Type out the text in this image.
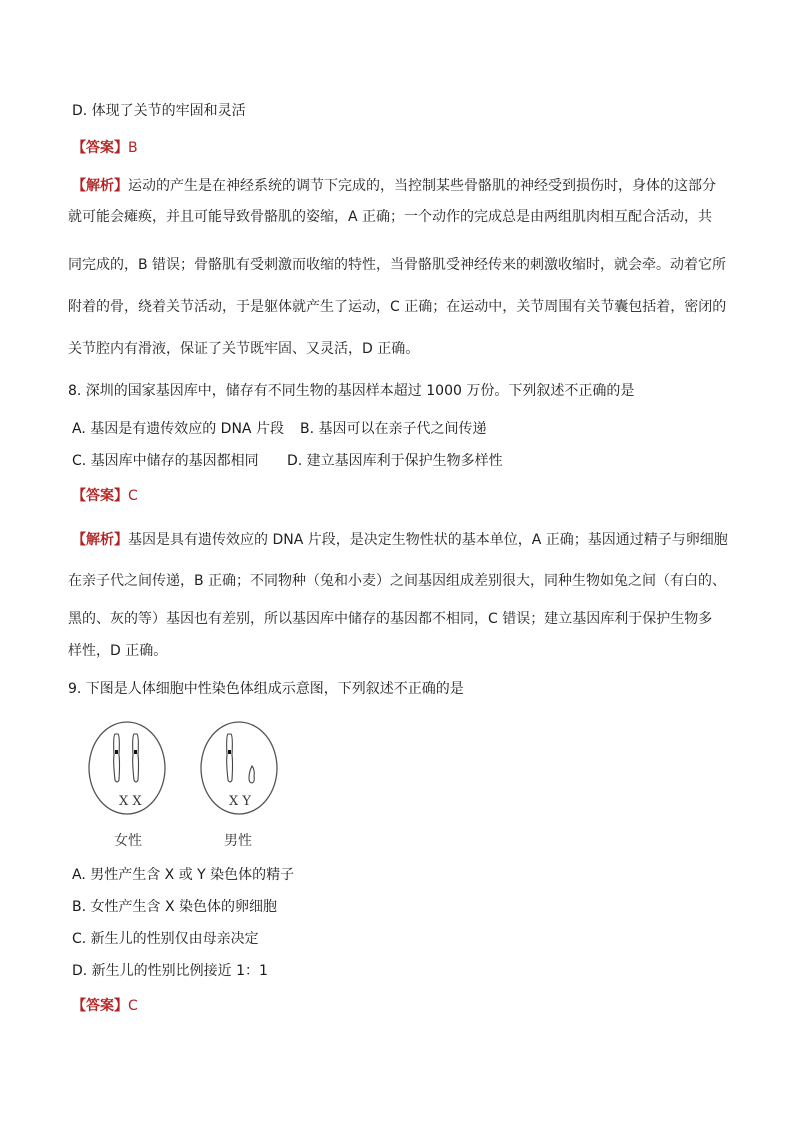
D. 体现了关节的牢固和灵活
【答案】B
【解析】运动的产生是在神经系统的调节下完成的，当控制某些骨骼肌的神经受到损伤时，身体的这部分
就可能会瘫痪，并且可能导致骨骼肌的姿缩，A 正确；一个动作的完成总是由两组肌肉相互配合活动，共
同完成的，B 错误；骨骼肌有受刺激而收缩的特性，当骨骼肌受神经传来的刺激收缩时，就会牵。动着它所
附着的骨，绕着关节活动，于是躯体就产生了运动，C 正确；在运动中，关节周围有关节囊包括着，密闭的
关节腔内有滑液，保证了关节既牢固、又灵活，D 正确。
8. 深圳的国家基因库中，储存有不同生物的基因样本超过 1000 万份。下列叙述不正确的是
A. 基因是有遗传效应的 DNA 片段 B. 基因可以在亲子代之间传递
C. 基因库中储存的基因都相同 D. 建立基因库利于保护生物多样性
【答案】C
【解析】基因是具有遗传效应的 DNA 片段，是决定生物性状的基本单位，A 正确；基因通过精子与卵细胞
在亲子代之间传递，B 正确；不同物种（兔和小麦）之间基因组成差别很大，同种生物如兔之间（有白的、
黑的、灰的等）基因也有差别，所以基因库中储存的基因都不相同，C 错误；建立基因库利于保护生物多
样性，D 正确。
9. 下图是人体细胞中性染色体组成示意图，下列叙述不正确的是
X X	X Y
女性	男性
A. 男性产生含 X 或 Y 染色体的精子
B. 女性产生含 X 染色体的卵细胞
C. 新生儿的性别仅由母亲决定
D. 新生儿的性别比例接近 1：1
【答案】C
